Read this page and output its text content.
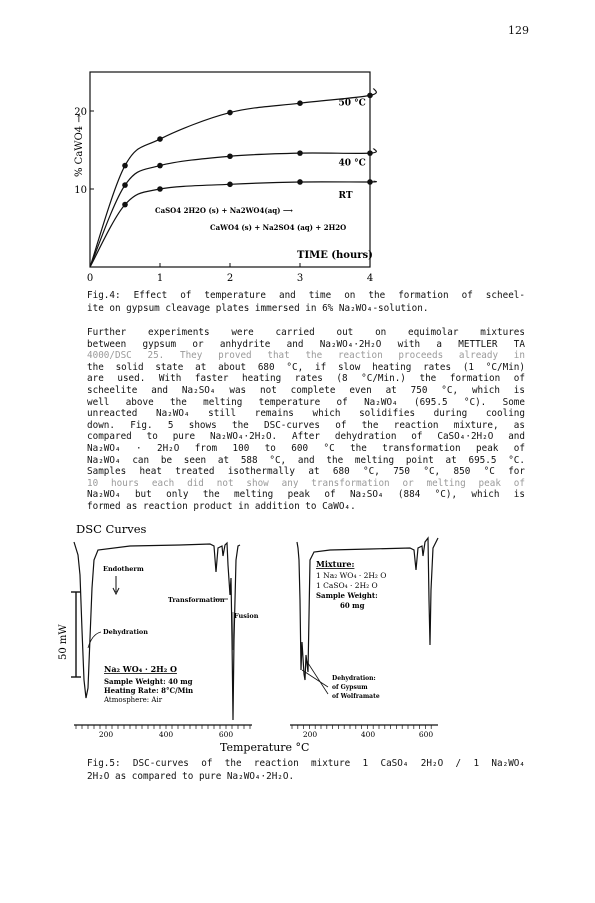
129
10
20
0	1	2	3	4
% CaWO4 →
CaSO4 2H2O (s) + Na2WO4(aq) ⟶
CaWO4 (s) + Na2SO4 (aq) + 2H2O
TIME (hours)
50 °C
40 °C
RT
Fig.4: Effect of temperature and time on the formation of scheel-
ite on gypsum cleavage plates immersed in 6% Na₂WO₄-solution.
Further experiments were carried out on equimolar mixtures
between gypsum or anhydrite and Na₂WO₄·2H₂O with a METTLER TA
4000/DSC 25. They proved that the reaction proceeds already in
the solid state at about 680 °C, if slow heating rates (1 °C/Min)
are used. With faster heating rates (8 °C/Min.) the formation of
scheelite and Na₂SO₄ was not complete even at 750 °C, which is
well above the melting temperature of Na₂WO₄ (695.5 °C). Some
unreacted Na₂WO₄ still remains which solidifies during cooling
down. Fig. 5 shows the DSC-curves of the reaction mixture, as
compared to pure Na₂WO₄·2H₂O. After dehydration of CaSO₄·2H₂O and
Na₂WO₄ · 2H₂O from 100 to 600 °C the transformation peak of
Na₂WO₄ can be seen at 588 °C, and the melting point at 695.5 °C.
Samples heat treated isothermally at 680 °C, 750 °C, 850 °C for
10 hours each did not show any transformation or melting peak of
Na₂WO₄ but only the melting peak of Na₂SO₄ (884 °C), which is
formed as reaction product in addition to CaWO₄.
DSC Curves
50 mW
Endotherm
Transformation
Fusion
Dehydration
Na₂ WO₄ · 2H₂ O
Sample Weight: 40 mg
Heating Rate: 8°C/Min
Atmosphere: Air
Mixture:
1 Na₂ WO₄ · 2H₂ O
1 CaSO₄ · 2H₂ O
Sample Weight:
60 mg
Dehydration:
of Gypsum
of Wolframate
200	400	600	200	400	600
Temperature °C
Fig.5: DSC-curves of the reaction mixture 1 CaSO₄ 2H₂O / 1 Na₂WO₄
2H₂O as compared to pure Na₂WO₄·2H₂O.
